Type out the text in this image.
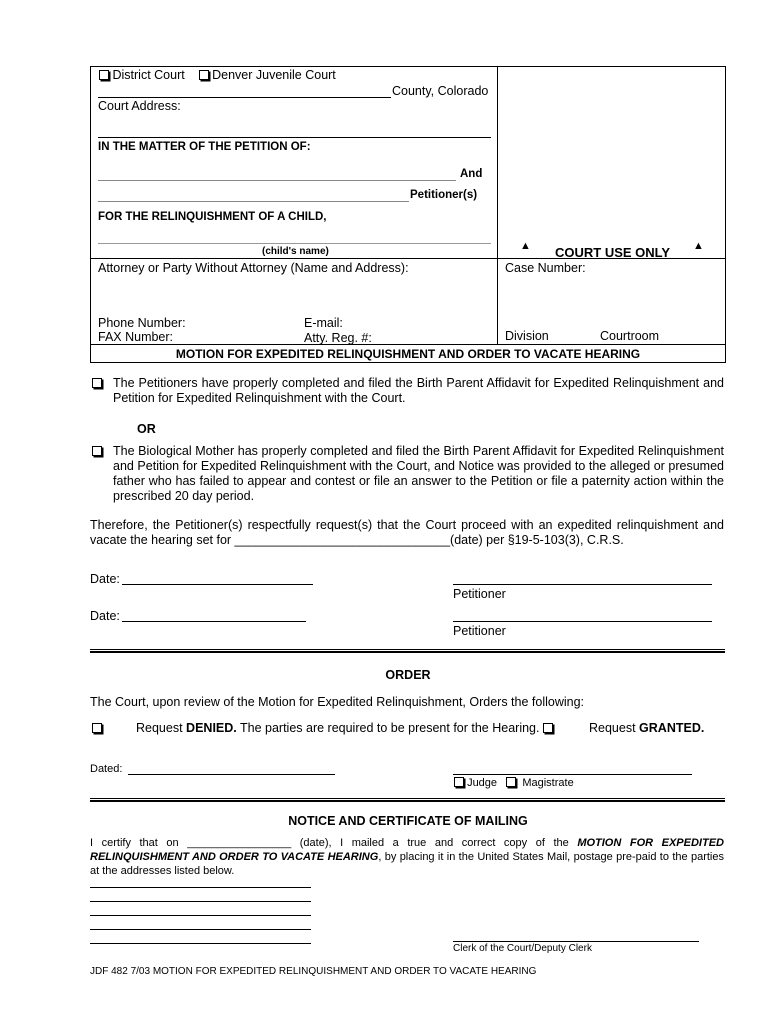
District Court Denver Juvenile Court
County, Colorado
Court Address:
IN THE MATTER OF THE PETITION OF:
And
Petitioner(s)
FOR THE RELINQUISHMENT OF A CHILD,
(child's name)	▲ COURT USE ONLY ▲
Attorney or Party Without Attorney (Name and Address):	Case Number:
Phone Number:	E-mail:
FAX Number:	Atty. Reg. #:	Division	Courtroom
MOTION FOR EXPEDITED RELINQUISHMENT AND ORDER TO VACATE HEARING
The Petitioners have properly completed and filed the Birth Parent Affidavit for Expedited Relinquishment and Petition for Expedited Relinquishment with the Court.
OR
The Biological Mother has properly completed and filed the Birth Parent Affidavit for Expedited Relinquishment and Petition for Expedited Relinquishment with the Court, and Notice was provided to the alleged or presumed father who has failed to appear and contest or file an answer to the Petition or file a paternity action within the prescribed 20 day period.
Therefore, the Petitioner(s) respectfully request(s) that the Court proceed with an expedited relinquishment and vacate the hearing set for _______________________________(date) per §19-5-103(3), C.R.S.
Date:
Petitioner
Date:
Petitioner
ORDER
The Court, upon review of the Motion for Expedited Relinquishment, Orders the following:
Request DENIED. The parties are required to be present for the Hearing.	Request GRANTED.
Dated:
Judge Magistrate
NOTICE AND CERTIFICATE OF MAILING
I certify that on _________________ (date), I mailed a true and correct copy of the MOTION FOR EXPEDITED RELINQUISHMENT AND ORDER TO VACATE HEARING, by placing it in the United States Mail, postage pre-paid to the parties at the addresses listed below.
Clerk of the Court/Deputy Clerk
JDF 482 7/03 MOTION FOR EXPEDITED RELINQUISHMENT AND ORDER TO VACATE HEARING
